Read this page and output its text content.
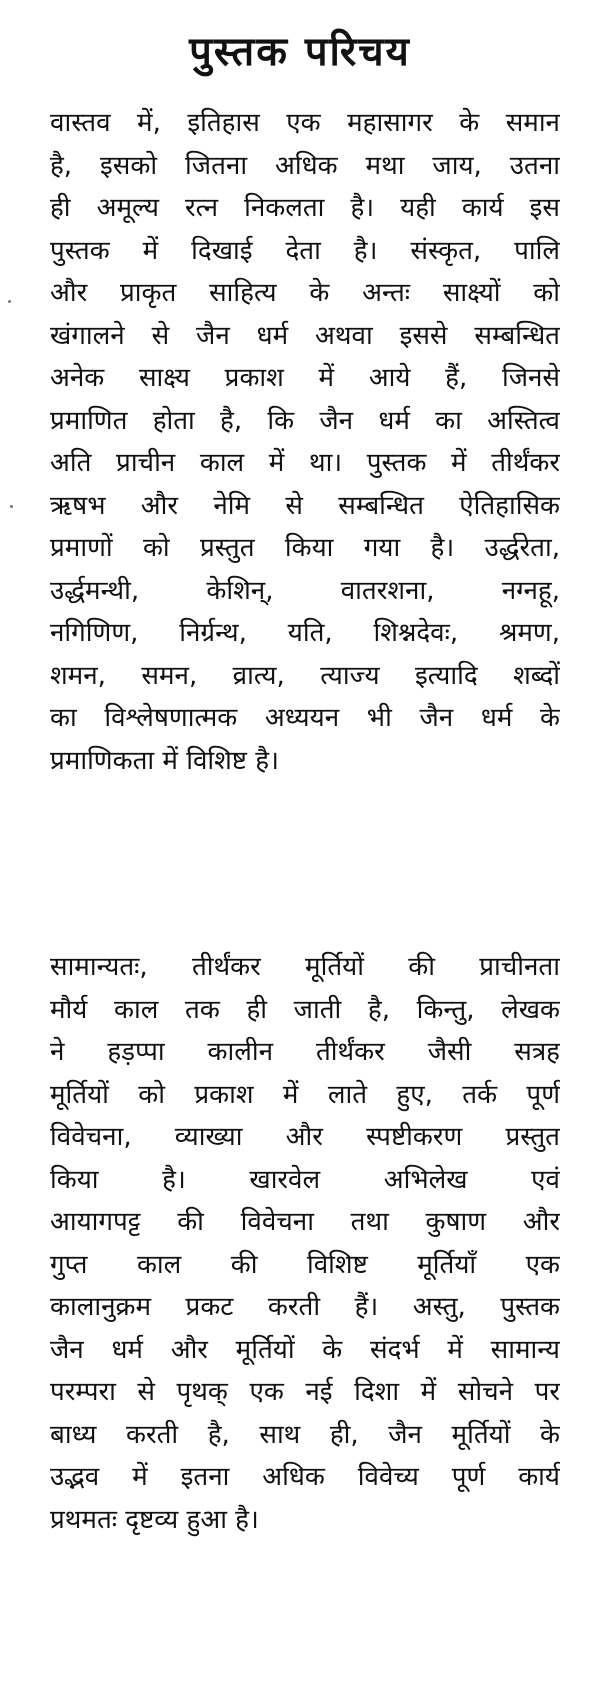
पुस्तक परिचय
वास्तव में, इतिहास एक महासागर के समान
है, इसको जितना अधिक मथा जाय, उतना
ही अमूल्य रत्न निकलता है। यही कार्य इस
पुस्तक में दिखाई देता है। संस्कृत, पालि
और प्राकृत साहित्य के अन्तः साक्ष्यों को
खंगालने से जैन धर्म अथवा इससे सम्बन्धित
अनेक साक्ष्य प्रकाश में आये हैं, जिनसे
प्रमाणित होता है, कि जैन धर्म का अस्तित्व
अति प्राचीन काल में था। पुस्तक में तीर्थंकर
ऋषभ और नेमि से सम्बन्धित ऐतिहासिक
प्रमाणों को प्रस्तुत किया गया है। उर्द्धरेता,
उर्द्धमन्थी, केशिन्, वातरशना, नग्नहू,
नगिणिण, निर्ग्रन्थ, यति, शिश्नदेवः, श्रमण,
शमन, समन, व्रात्य, त्याज्य इत्यादि शब्दों
का विश्लेषणात्मक अध्ययन भी जैन धर्म के
प्रमाणिकता में विशिष्ट है।
सामान्यतः, तीर्थंकर मूर्तियों की प्राचीनता
मौर्य काल तक ही जाती है, किन्तु, लेखक
ने हड़प्पा कालीन तीर्थंकर जैसी सत्रह
मूर्तियों को प्रकाश में लाते हुए, तर्क पूर्ण
विवेचना, व्याख्या और स्पष्टीकरण प्रस्तुत
किया है। खारवेल अभिलेख एवं
आयागपट्ट की विवेचना तथा कुषाण और
गुप्त काल की विशिष्ट मूर्तियाँ एक
कालानुक्रम प्रकट करती हैं। अस्तु, पुस्तक
जैन धर्म और मूर्तियों के संदर्भ में सामान्य
परम्परा से पृथक् एक नई दिशा में सोचने पर
बाध्य करती है, साथ ही, जैन मूर्तियों के
उद्भव में इतना अधिक विवेच्य पूर्ण कार्य
प्रथमतः दृष्टव्य हुआ है।
